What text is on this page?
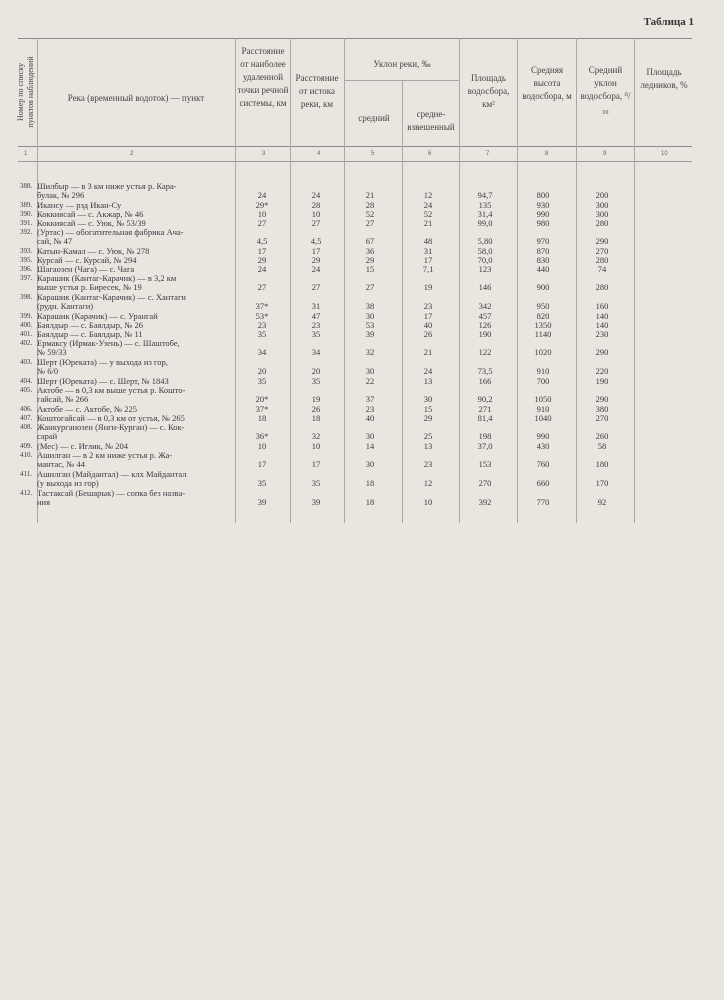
Таблица 1
Номер по списку
пунктов наблюдений	Река (временный водоток) — пункт
Расстояние от наиболее удаленной точки речной системы, км
Расстояние от истока реки, км
Уклон реки, ‰
средний	средне-взвешенный
Площадь водосбора, км²
Средняя высота водосбора, м
Средний уклон водосбора, ⁰/₀₀
Площадь ледников, %
1	2	3	4	5	6	7	8	9	10
388. Шилбыр — в 3 км ниже устья р. Кара-
булак, № 296	24	24	21	12	94,7	800	200
389. Иканcу — рзд Икан-Су	29*	28	28	24	135	930	300
390. Коккиясай — с. Акжар, № 46	10	10	52	52	31,4	990	300
391. Коккиясай — с. Уюк, № 53/39	27	27	27	21	99,0	980	280
392. (Уртас) — обогатительная фабрика Ача-
сай, № 47	4,5	4,5	67	48	5,80	970	290
393. Катын-Камал — с. Уюк, № 278	17	17	36	31	58,0	870	270
395. Курсай — с. Курсай, № 294	29	29	29	17	70,0	830	280
396. Шагаозен (Чага) — с. Чага	24	24	15	7,1	123	440	74
397. Карашик (Кантаг-Карачик) — в 3,2 км
выше устья р. Биресек, № 19	27	27	27	19	146	900	280
398. Карашик (Кантаг-Карачик) — с. Хантаги
(рудн. Кантаги)	37*	31	38	23	342	950	160
399. Карашик (Карачик) — с. Урангай	53*	47	30	17	457	820	140
400. Баялдыр — с. Баялдыр, № 26	23	23	53	40	126	1350	140
401. Баялдыр — с. Баялдыр, № 11	35	35	39	26	190	1140	230
402. Ермаксу (Ирмак-Узень) — с. Шаштобе,
№ 59/33	34	34	32	21	122	1020	290
403. Шерт (Юреката) — у выхода из гор,
№ 6/0	20	20	30	24	73,5	910	220
404. Шерт (Юреката) — с. Шерт, № 1843	35	35	22	13	166	700	190
405. Актобе — в 0,3 км выше устья р. Кошто-
гайсай, № 266	20*	19	37	30	90,2	1050	290
406. Актобе — с. Актобе, № 225	37*	26	23	15	271	910	380
407. Коштогайсай — в 0,3 км от устья, № 265	18	18	40	29	81,4	1040	270
408. Жанкурганозен (Янги-Курган) — с. Кок-
сарай	36*	32	30	25	198	990	260
409. (Мес) — с. Иглик, № 204	10	10	14	13	37,0	430	58
410. Ашилган — в 2 км ниже устья р. Жа-
мантас, № 44	17	17	30	23	153	760	180
411. Ашилган (Майдантал) — клх Майдантал
(у выхода из гор)	35	35	18	12	270	660	170
412. Тастаксай (Бешарык) — сопка без назва-
ния	39	39	18	10	392	770	92
